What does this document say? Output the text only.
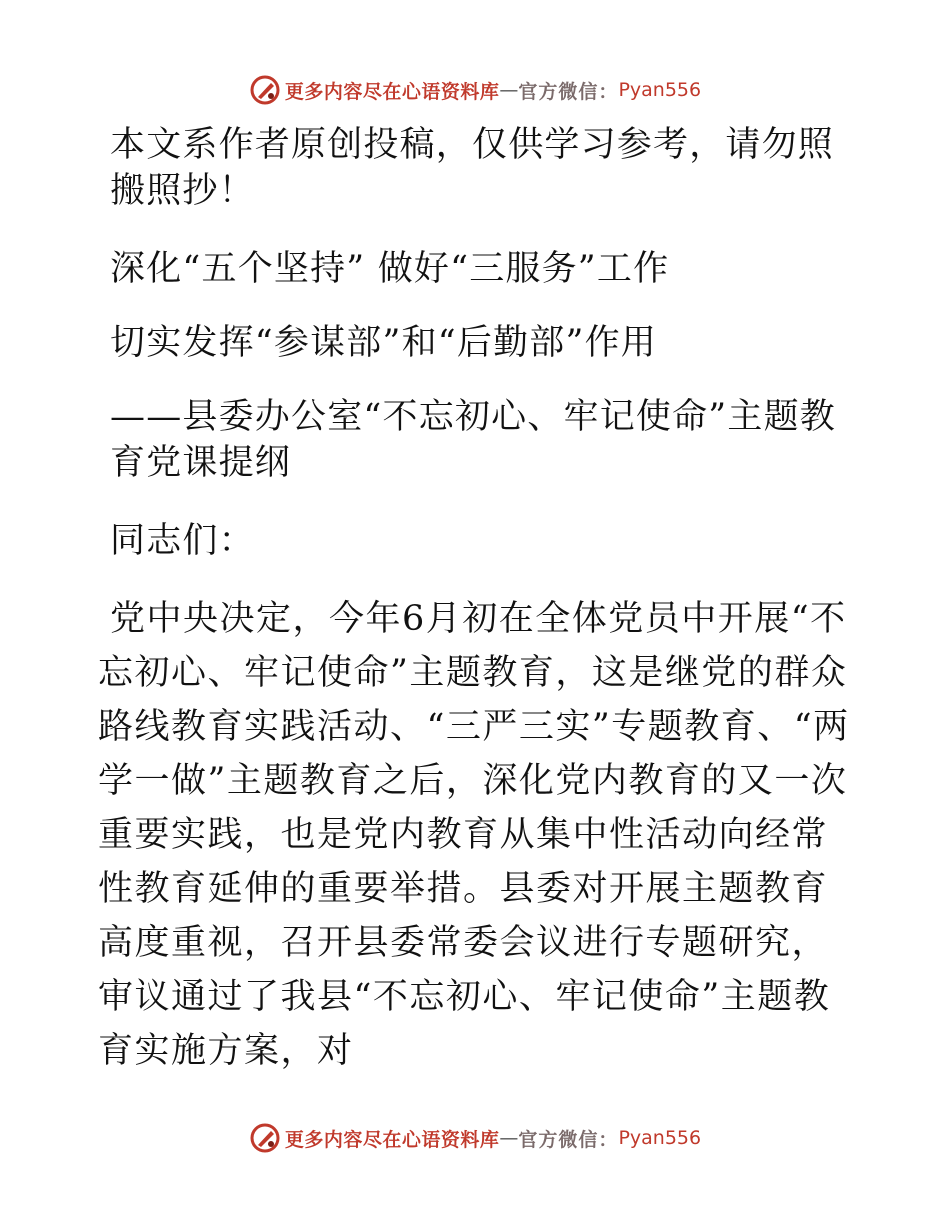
更多内容尽在心语资料库 — 官方微信： Pyan556

本文系作者原创投稿，仅供学习参考，请勿照搬照抄！

深化“五个坚持” 做好“三服务”工作

切实发挥“参谋部”和“后勤部”作用

——县委办公室“不忘初心、牢记使命”主题教育党课提纲

同志们：

党中央决定，今年6月初在全体党员中开展“不忘初心、牢记使命”主题教育，这是继党的群众路线教育实践活动、“三严三实”专题教育、“两学一做”主题教育之后，深化党内教育的又一次重要实践，也是党内教育从集中性活动向经常性教育延伸的重要举措。县委对开展主题教育高度重视，召开县委常委会议进行专题研究，审议通过了我县“不忘初心、牢记使命”主题教育实施方案，对

更多内容尽在心语资料库 — 官方微信： Pyan556
